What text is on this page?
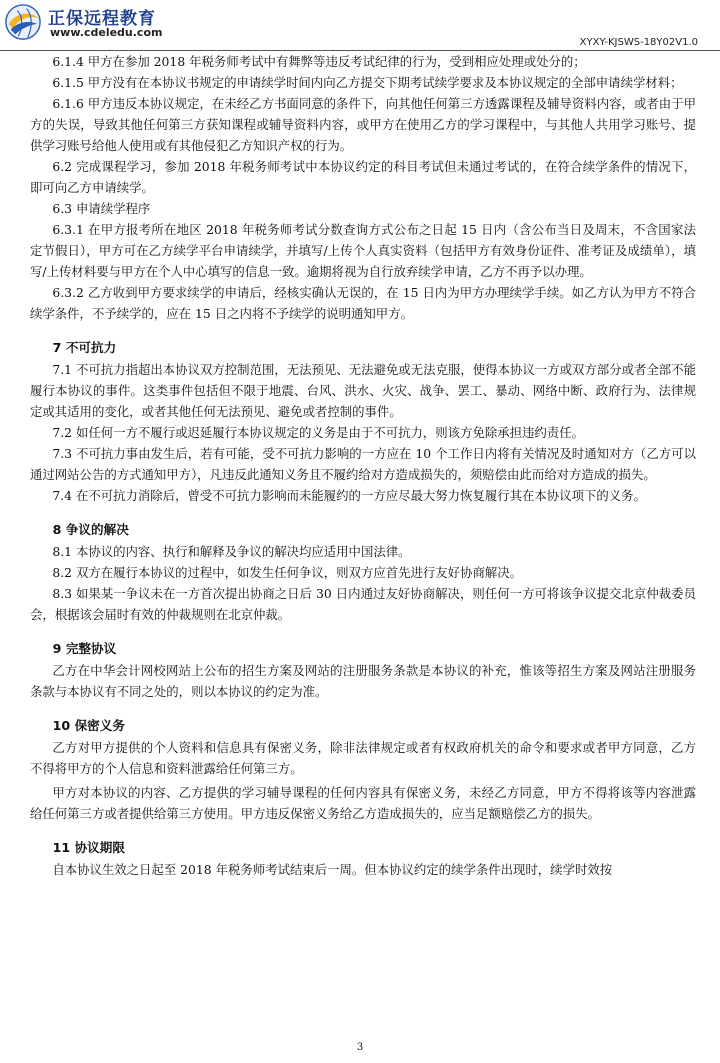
正保远程教育
www.cdeledu.com
XYXY-KJSWS-18Y02V1.0

6.1.4 甲方在参加 2018 年税务师考试中有舞弊等违反考试纪律的行为，受到相应处理或处分的；

6.1.5 甲方没有在本协议书规定的申请续学时间内向乙方提交下期考试续学要求及本协议规定的全部申请续学材料；

6.1.6 甲方违反本协议规定，在未经乙方书面同意的条件下，向其他任何第三方透露课程及辅导资料内容，或者由于甲方的失误，导致其他任何第三方获知课程或辅导资料内容，或甲方在使用乙方的学习课程中，与其他人共用学习账号、提供学习账号给他人使用或有其他侵犯乙方知识产权的行为。

6.2 完成课程学习，参加 2018 年税务师考试中本协议约定的科目考试但未通过考试的，在符合续学条件的情况下，即可向乙方申请续学。

6.3 申请续学程序

6.3.1 在甲方报考所在地区 2018 年税务师考试分数查询方式公布之日起 15 日内（含公布当日及周末，不含国家法定节假日），甲方可在乙方续学平台申请续学，并填写/上传个人真实资料（包括甲方有效身份证件、准考证及成绩单），填写/上传材料要与甲方在个人中心填写的信息一致。逾期将视为自行放弃续学申请，乙方不再予以办理。

6.3.2 乙方收到甲方要求续学的申请后，经核实确认无误的，在 15 日内为甲方办理续学手续。如乙方认为甲方不符合续学条件，不予续学的，应在 15 日之内将不予续学的说明通知甲方。

7 不可抗力

7.1 不可抗力指超出本协议双方控制范围，无法预见、无法避免或无法克服，使得本协议一方或双方部分或者全部不能履行本协议的事件。这类事件包括但不限于地震、台风、洪水、火灾、战争、罢工、暴动、网络中断、政府行为、法律规定或其适用的变化，或者其他任何无法预见、避免或者控制的事件。

7.2 如任何一方不履行或迟延履行本协议规定的义务是由于不可抗力，则该方免除承担违约责任。

7.3 不可抗力事由发生后，若有可能，受不可抗力影响的一方应在 10 个工作日内将有关情况及时通知对方（乙方可以通过网站公告的方式通知甲方），凡违反此通知义务且不履约给对方造成损失的，须赔偿由此而给对方造成的损失。

7.4 在不可抗力消除后，曾受不可抗力影响而未能履约的一方应尽最大努力恢复履行其在本协议项下的义务。

8 争议的解决

8.1 本协议的内容、执行和解释及争议的解决均应适用中国法律。

8.2 双方在履行本协议的过程中，如发生任何争议，则双方应首先进行友好协商解决。

8.3 如果某一争议未在一方首次提出协商之日后 30 日内通过友好协商解决，则任何一方可将该争议提交北京仲裁委员会，根据该会届时有效的仲裁规则在北京仲裁。

9 完整协议

乙方在中华会计网校网站上公布的招生方案及网站的注册服务条款是本协议的补充，惟该等招生方案及网站注册服务条款与本协议有不同之处的，则以本协议的约定为准。

10 保密义务

乙方对甲方提供的个人资料和信息具有保密义务，除非法律规定或者有权政府机关的命令和要求或者甲方同意，乙方不得将甲方的个人信息和资料泄露给任何第三方。

甲方对本协议的内容、乙方提供的学习辅导课程的任何内容具有保密义务，未经乙方同意，甲方不得将该等内容泄露给任何第三方或者提供给第三方使用。甲方违反保密义务给乙方造成损失的，应当足额赔偿乙方的损失。

11 协议期限

自本协议生效之日起至 2018 年税务师考试结束后一周。但本协议约定的续学条件出现时，续学时效按

3
